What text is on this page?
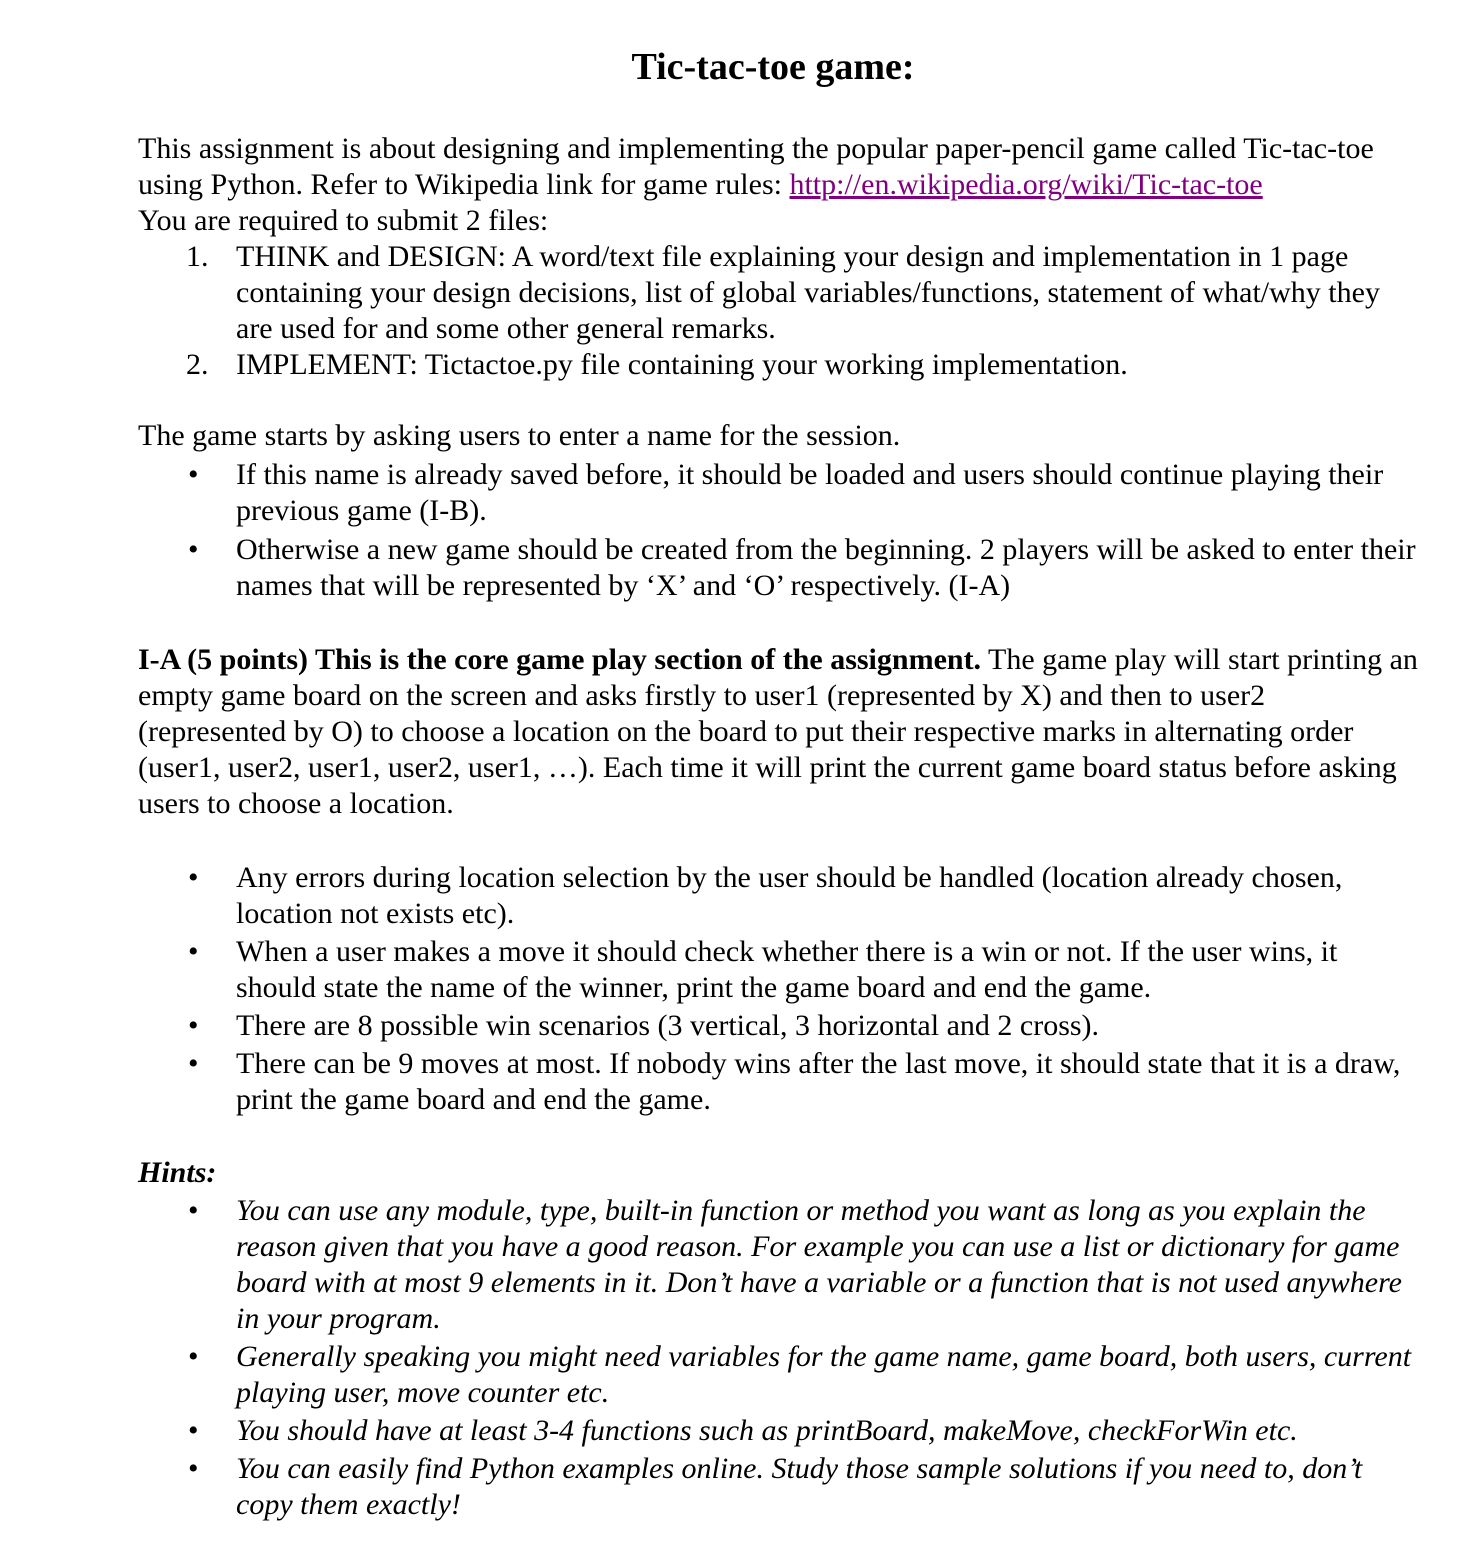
Tic-tac-toe game:

This assignment is about designing and implementing the popular paper-pencil game called Tic-tac-toe using Python. Refer to Wikipedia link for game rules: http://en.wikipedia.org/wiki/Tic-tac-toe
You are required to submit 2 files:

1. THINK and DESIGN: A word/text file explaining your design and implementation in 1 page containing your design decisions, list of global variables/functions, statement of what/why they are used for and some other general remarks.
2. IMPLEMENT: Tictactoe.py file containing your working implementation.

The game starts by asking users to enter a name for the session.

• If this name is already saved before, it should be loaded and users should continue playing their previous game (I-B).
• Otherwise a new game should be created from the beginning. 2 players will be asked to enter their names that will be represented by ‘X’ and ‘O’ respectively. (I-A)

I-A (5 points) This is the core game play section of the assignment. The game play will start printing an empty game board on the screen and asks firstly to user1 (represented by X) and then to user2 (represented by O) to choose a location on the board to put their respective marks in alternating order (user1, user2, user1, user2, user1, …). Each time it will print the current game board status before asking users to choose a location.

• Any errors during location selection by the user should be handled (location already chosen, location not exists etc).
• When a user makes a move it should check whether there is a win or not. If the user wins, it should state the name of the winner, print the game board and end the game.
• There are 8 possible win scenarios (3 vertical, 3 horizontal and 2 cross).
• There can be 9 moves at most. If nobody wins after the last move, it should state that it is a draw, print the game board and end the game.

Hints:

• You can use any module, type, built-in function or method you want as long as you explain the reason given that you have a good reason. For example you can use a list or dictionary for game board with at most 9 elements in it. Don’t have a variable or a function that is not used anywhere in your program.
• Generally speaking you might need variables for the game name, game board, both users, current playing user, move counter etc.
• You should have at least 3-4 functions such as printBoard, makeMove, checkForWin etc.
• You can easily find Python examples online. Study those sample solutions if you need to, don’t copy them exactly!
